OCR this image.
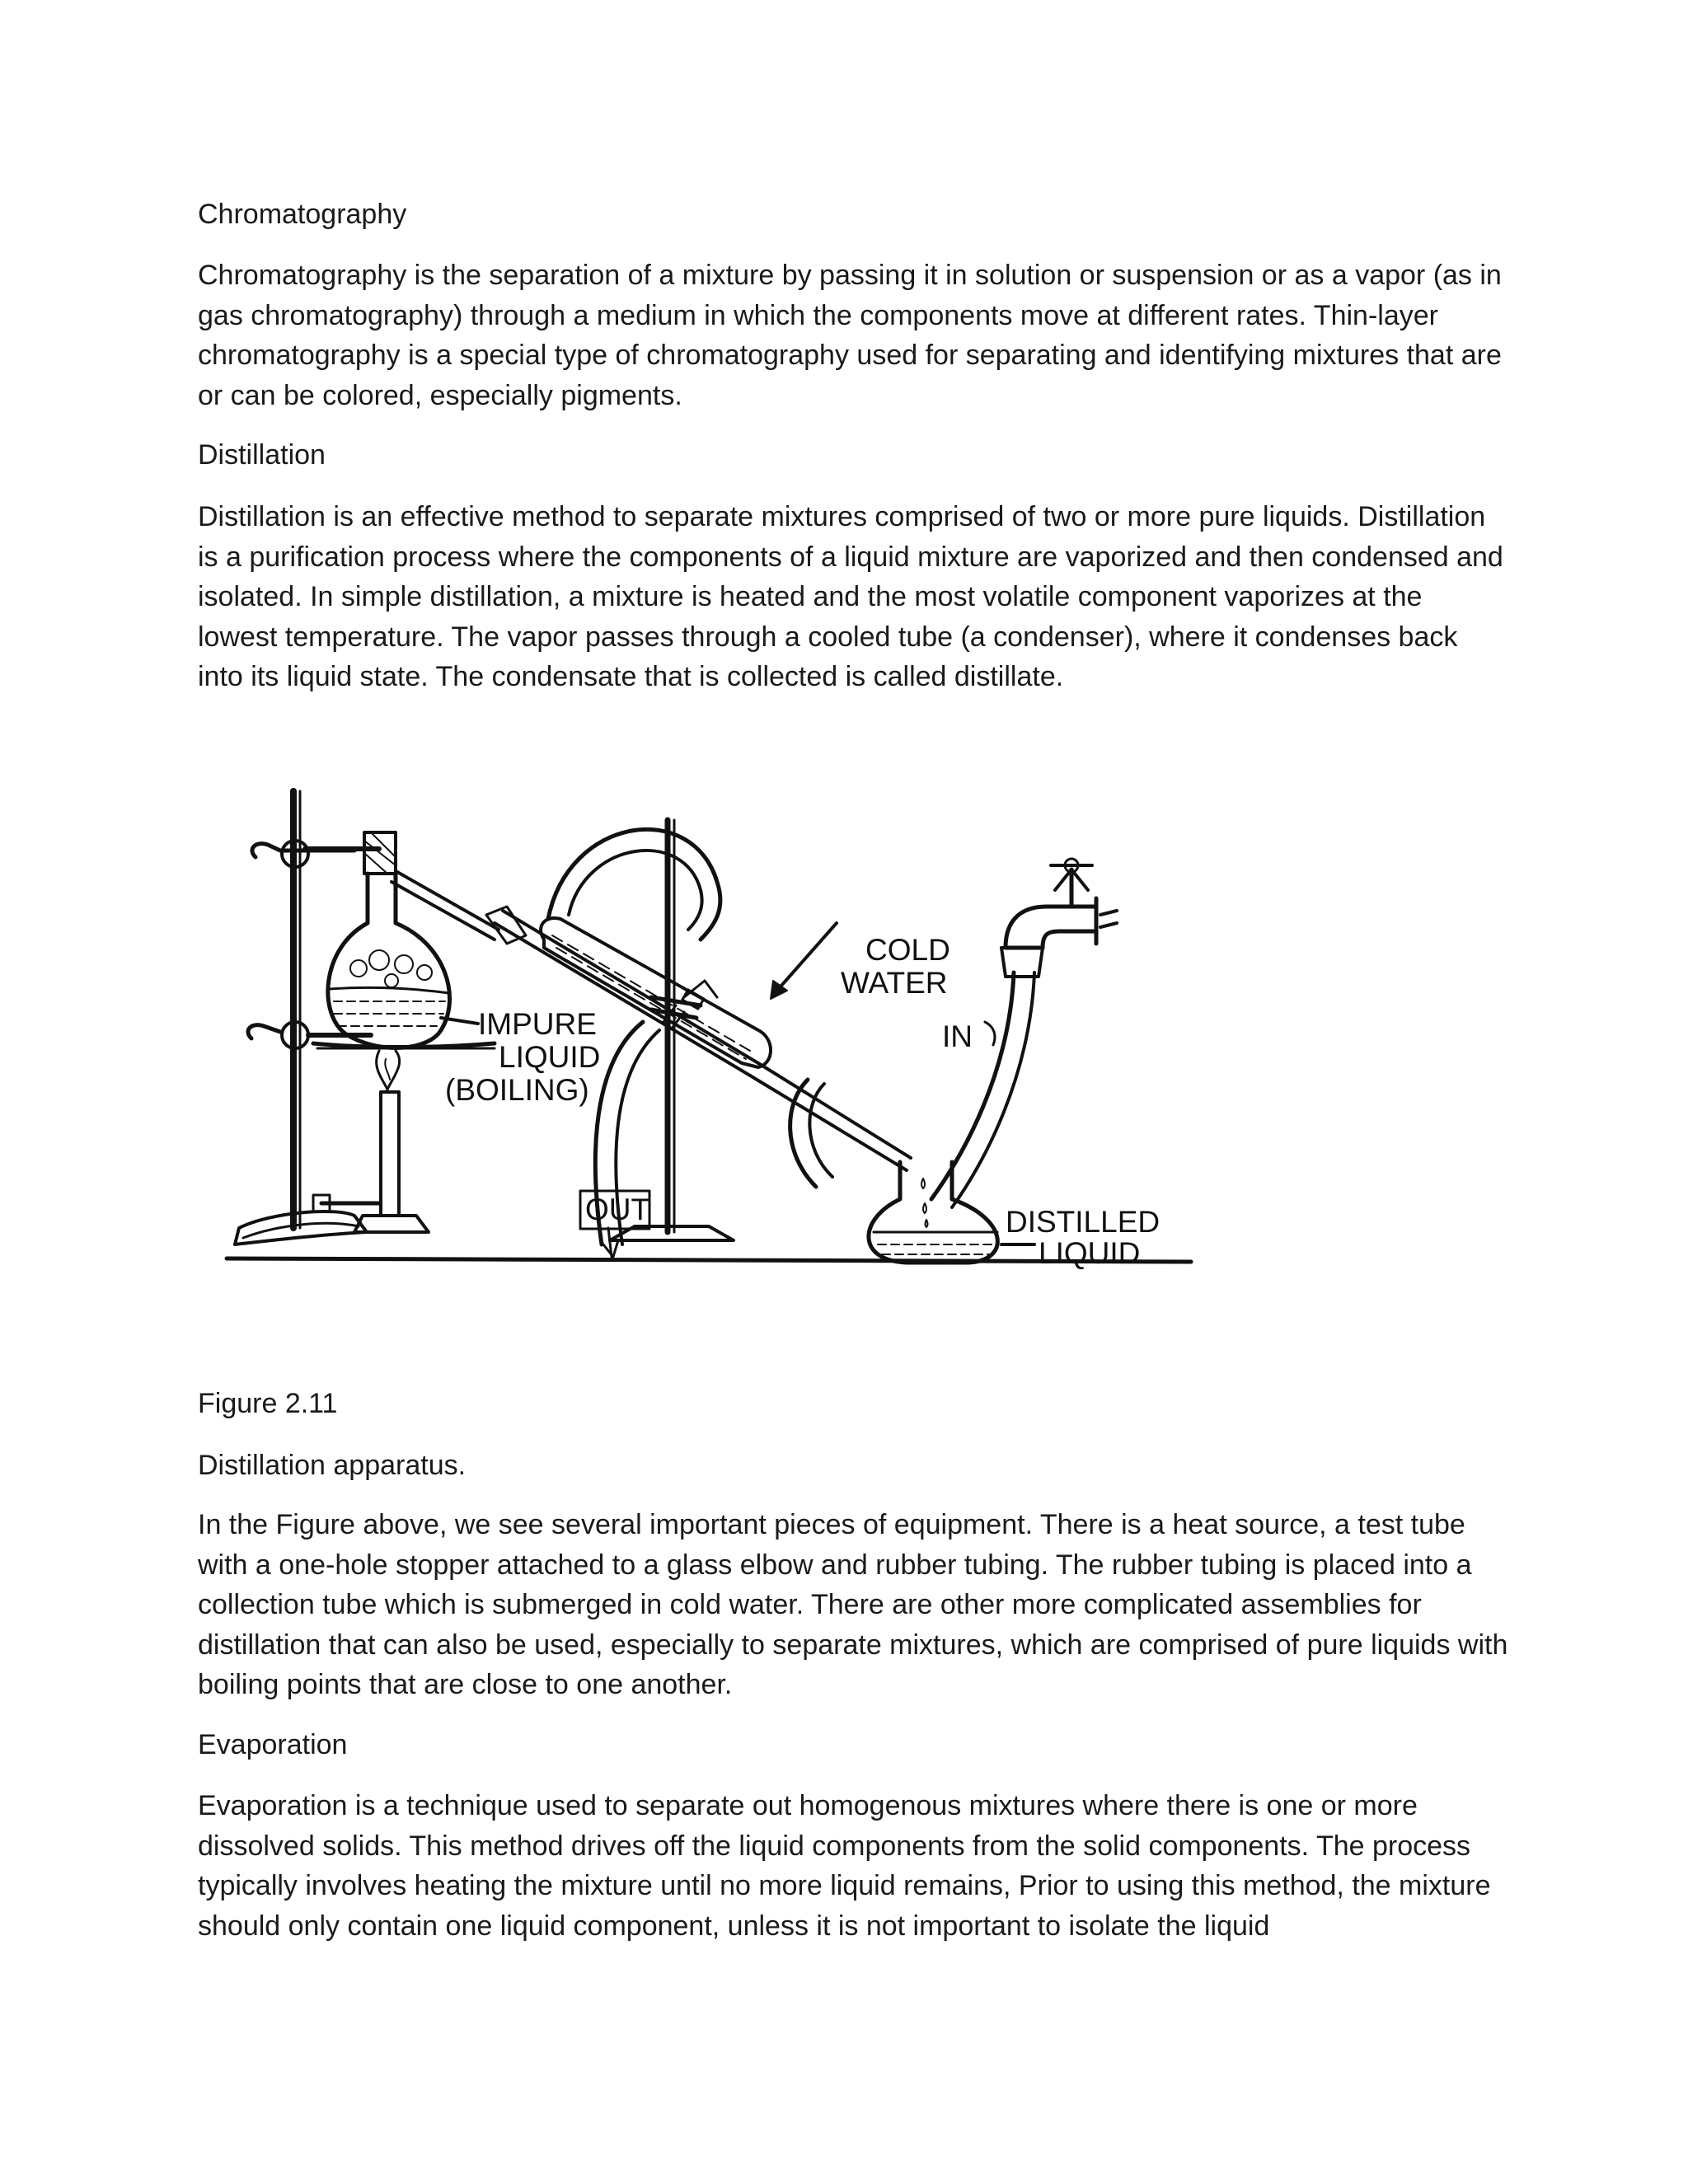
Chromatography

Chromatography is the separation of a mixture by passing it in solution or suspension or as a vapor (as in gas chromatography) through a medium in which the components move at different rates. Thin-layer chromatography is a special type of chromatography used for separating and identifying mixtures that are or can be colored, especially pigments.

Distillation

Distillation is an effective method to separate mixtures comprised of two or more pure liquids. Distillation is a purification process where the components of a liquid mixture are vaporized and then condensed and isolated. In simple distillation, a mixture is heated and the most volatile component vaporizes at the lowest temperature. The vapor passes through a cooled tube (a condenser), where it condenses back into its liquid state. The condensate that is collected is called distillate.

IMPURE
LIQUID
(BOILING)
COLD
WATER
IN
OUT	DISTILLED
LIQUID

Figure 2.11

Distillation apparatus.

In the Figure above, we see several important pieces of equipment. There is a heat source, a test tube with a one-hole stopper attached to a glass elbow and rubber tubing. The rubber tubing is placed into a collection tube which is submerged in cold water. There are other more complicated assemblies for distillation that can also be used, especially to separate mixtures, which are comprised of pure liquids with boiling points that are close to one another.

Evaporation

Evaporation is a technique used to separate out homogenous mixtures where there is one or more dissolved solids. This method drives off the liquid components from the solid components. The process typically involves heating the mixture until no more liquid remains, Prior to using this method, the mixture should only contain one liquid component, unless it is not important to isolate the liquid
